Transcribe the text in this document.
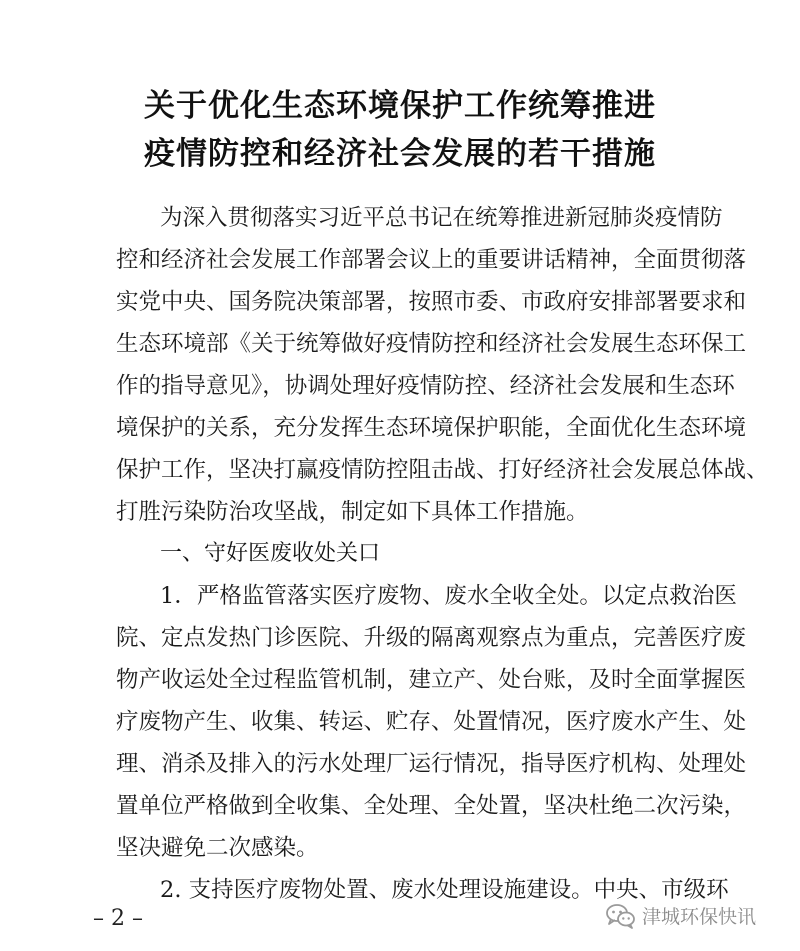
关于优化生态环境保护工作统筹推进
疫情防控和经济社会发展的若干措施
为深入贯彻落实习近平总书记在统筹推进新冠肺炎疫情防
控和经济社会发展工作部署会议上的重要讲话精神，全面贯彻落
实党中央、国务院决策部署，按照市委、市政府安排部署要求和
生态环境部《关于统筹做好疫情防控和经济社会发展生态环保工
作的指导意见》，协调处理好疫情防控、经济社会发展和生态环
境保护的关系，充分发挥生态环境保护职能，全面优化生态环境
保护工作，坚决打赢疫情防控阻击战、打好经济社会发展总体战、
打胜污染防治攻坚战，制定如下具体工作措施。
一、守好医废收处关口
1．严格监管落实医疗废物、废水全收全处。以定点救治医
院、定点发热门诊医院、升级的隔离观察点为重点，完善医疗废
物产收运处全过程监管机制，建立产、处台账，及时全面掌握医
疗废物产生、收集、转运、贮存、处置情况，医疗废水产生、处
理、消杀及排入的污水处理厂运行情况，指导医疗机构、处理处
置单位严格做到全收集、全处理、全处置，坚决杜绝二次污染，
坚决避免二次感染。
2. 支持医疗废物处置、废水处理设施建设。中央、市级环
– 2 –	津城环保快讯
